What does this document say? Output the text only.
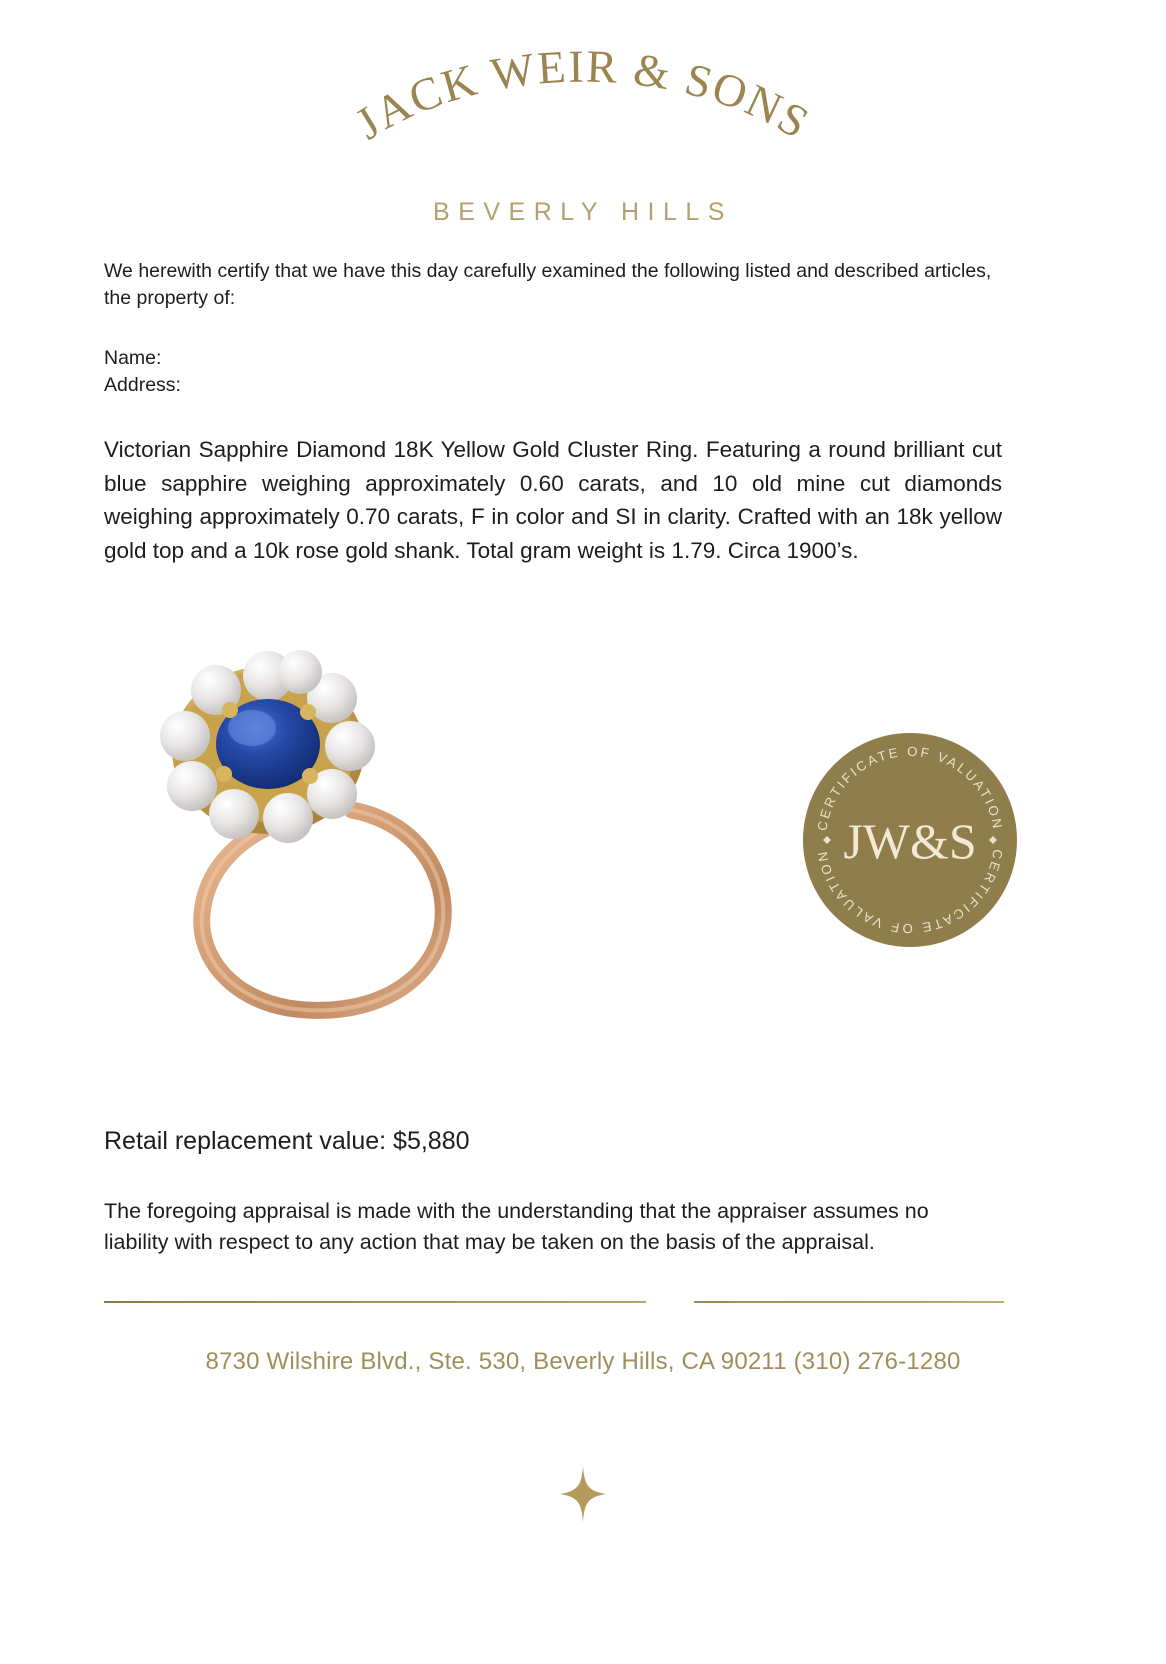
JACK WEIR & SONS
BEVERLY HILLS

We herewith certify that we have this day carefully examined the following listed and described articles, the property of:

Name:
Address:

Victorian Sapphire Diamond 18K Yellow Gold Cluster Ring. Featuring a round brilliant cut blue sapphire weighing approximately 0.60 carats, and 10 old mine cut diamonds weighing approximately 0.70 carats, F in color and SI in clarity. Crafted with an 18k yellow gold top and a 10k rose gold shank. Total gram weight is 1.79. Circa 1900’s.

CERTIFICATE OF VALUATION
CERTIFICATE OF VALUATION JW&S
Retail replacement value: $5,880

The foregoing appraisal is made with the understanding that the appraiser assumes no liability with respect to any action that may be taken on the basis of the appraisal.

8730 Wilshire Blvd., Ste. 530, Beverly Hills, CA 90211 (310) 276-1280
